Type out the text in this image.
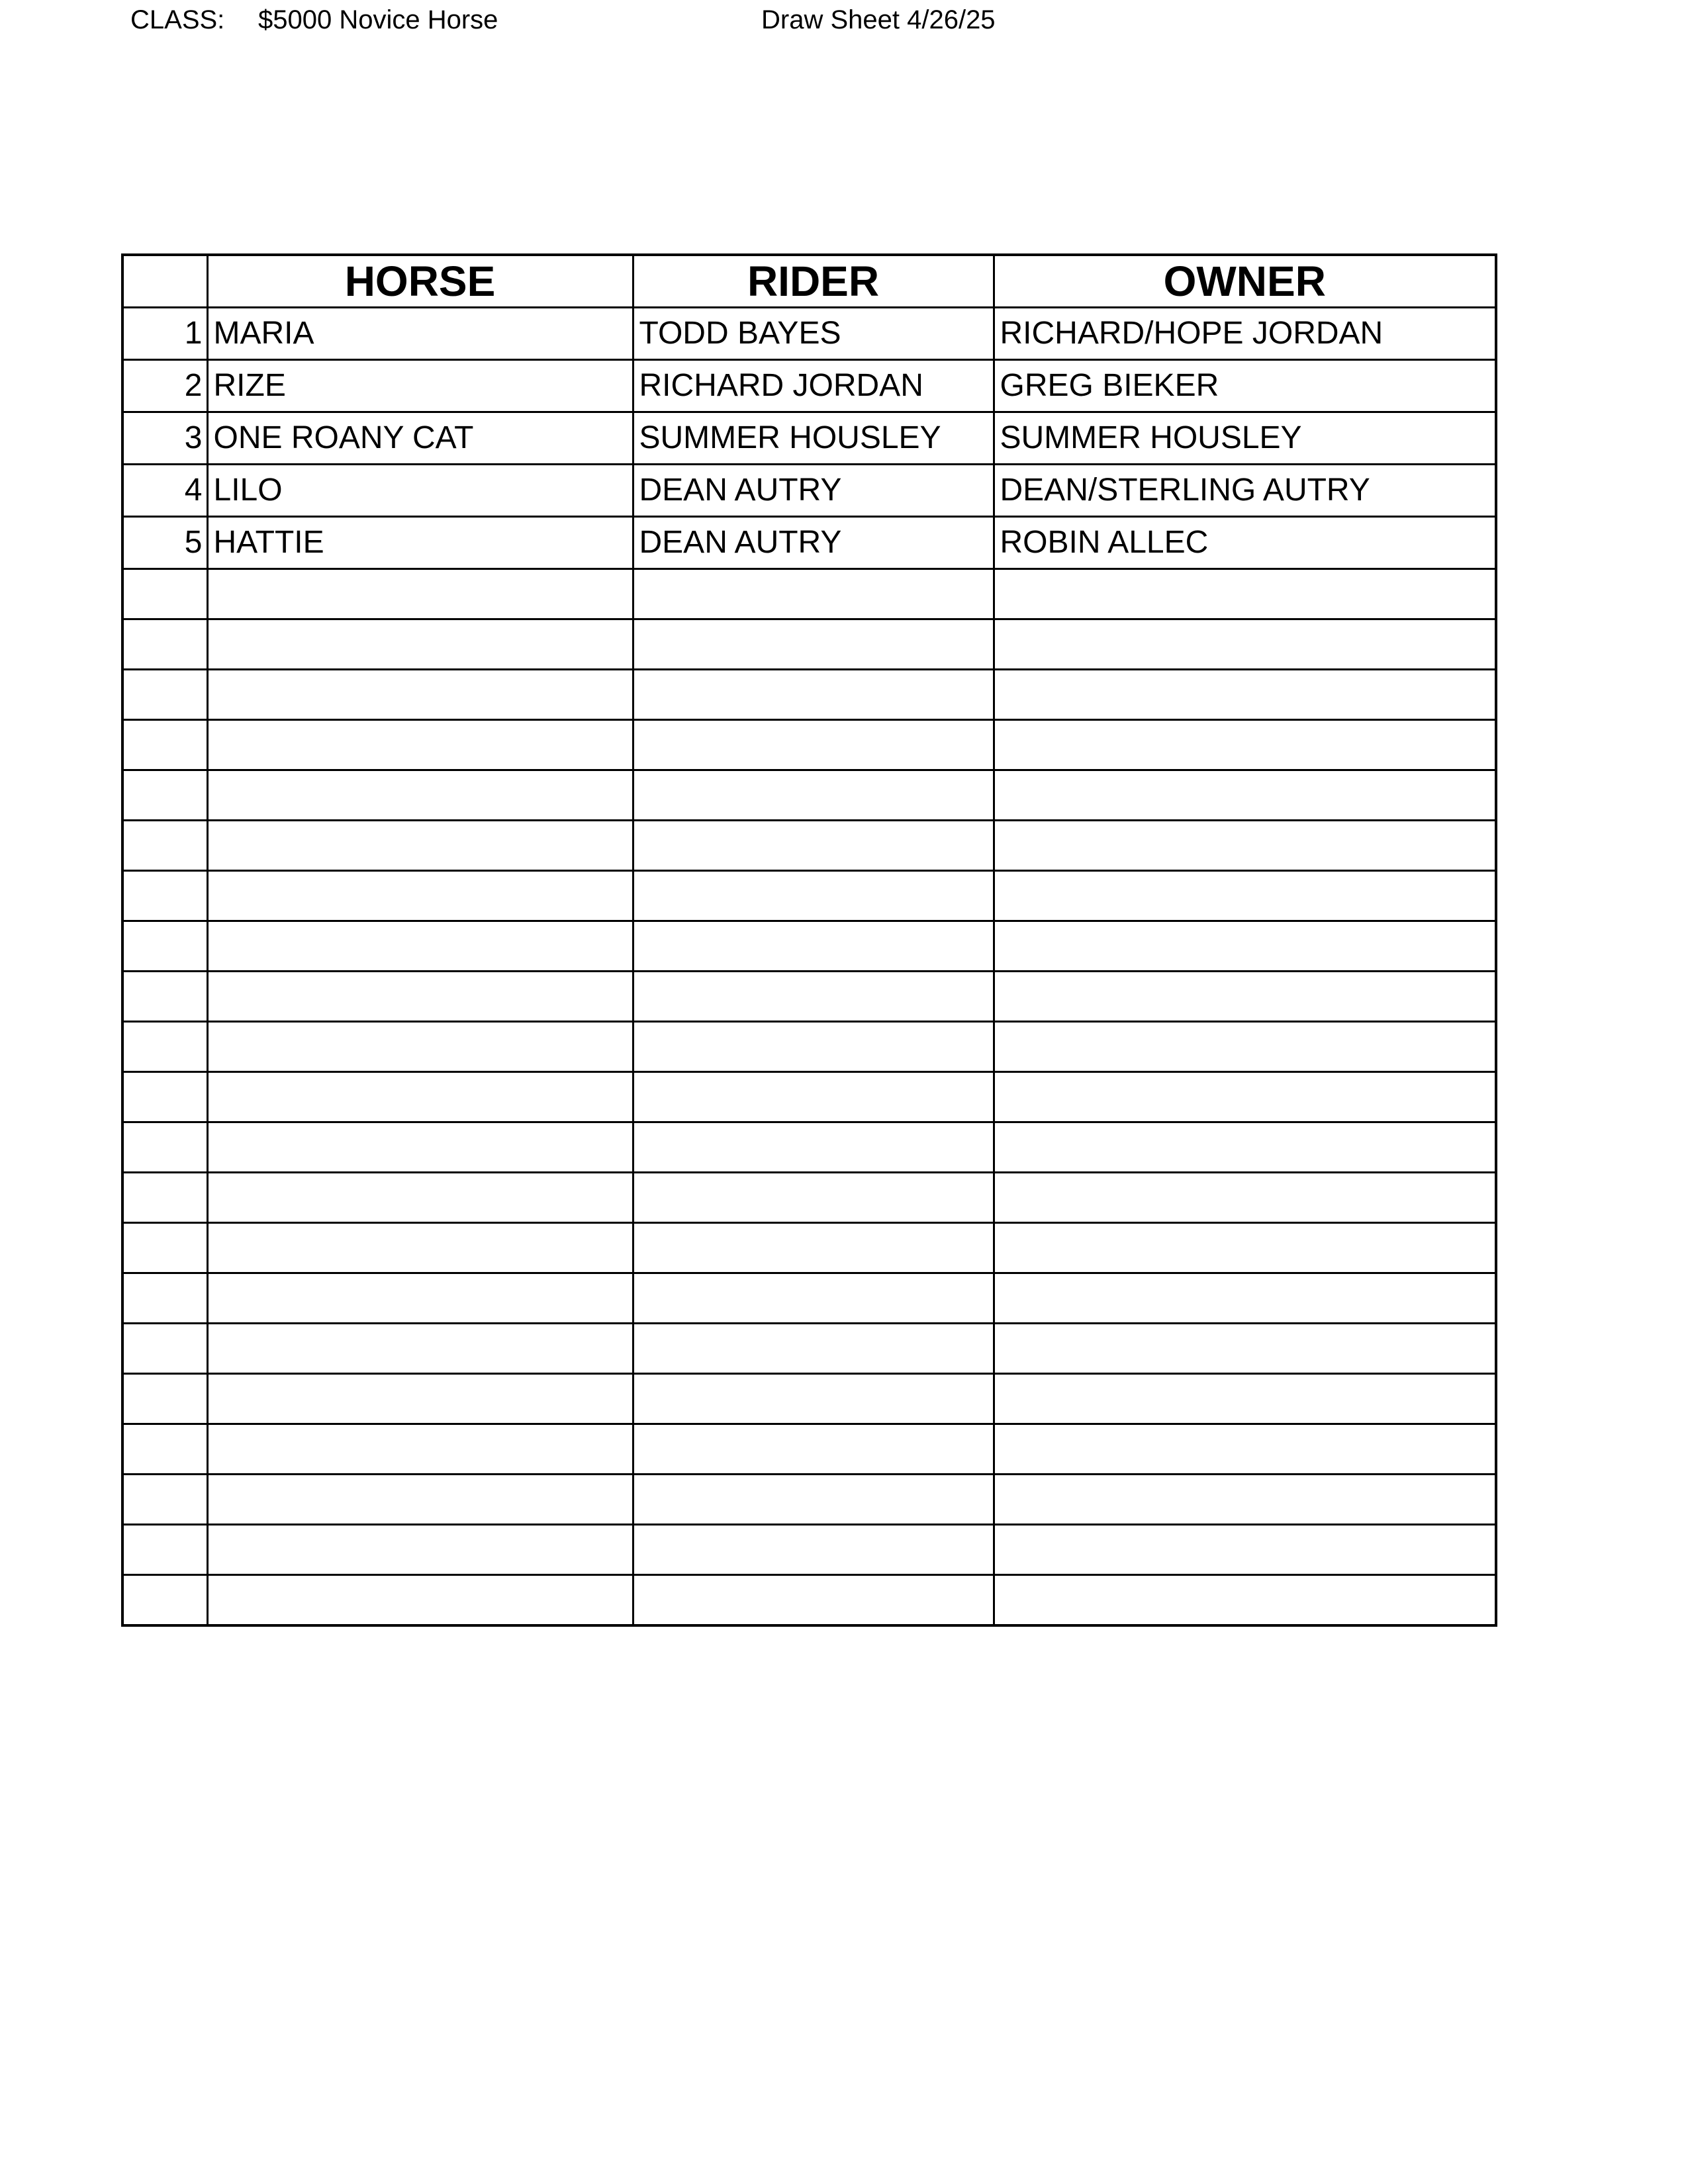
CLASS: $5000 Novice Horse	Draw Sheet 4/26/25
	HORSE	RIDER	OWNER
1	MARIA	TODD BAYES	RICHARD/HOPE JORDAN
2	RIZE	RICHARD JORDAN	GREG BIEKER
3	ONE ROANY CAT	SUMMER HOUSLEY	SUMMER HOUSLEY
4	LILO	DEAN AUTRY	DEAN/STERLING AUTRY
5	HATTIE	DEAN AUTRY	ROBIN ALLEC
